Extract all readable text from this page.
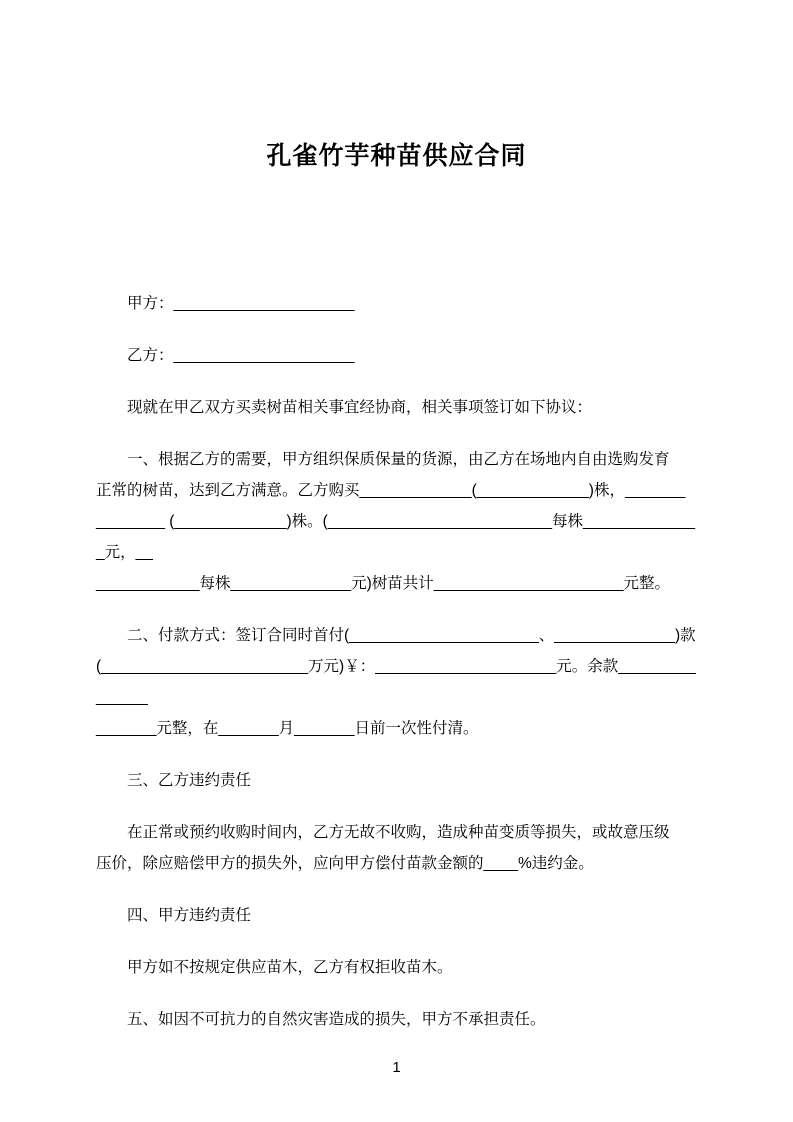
孔雀竹芋种苗供应合同

甲方：_____________________

乙方：_____________________

现就在甲乙双方买卖树苗相关事宜经协商，相关事项签订如下协议：

一、根据乙方的需要，甲方组织保质保量的货源，由乙方在场地内自由选购发育
正常的树苗，达到乙方满意。乙方购买_____________(_____________)株，_______
________ (_____________)株。(__________________________每株______________元，__
____________每株______________元)树苗共计______________________元整。

二、付款方式：签订合同时首付(______________________、______________)款
(________________________万元)￥：_____________________元。余款_________ ______
_______元整，在_______月_______日前一次性付清。

三、乙方违约责任

在正常或预约收购时间内，乙方无故不收购，造成种苗变质等损失，或故意压级
压价，除应赔偿甲方的损失外，应向甲方偿付苗款金额的____%违约金。

四、甲方违约责任

甲方如不按规定供应苗木，乙方有权拒收苗木。

五、如因不可抗力的自然灾害造成的损失，甲方不承担责任。

1
